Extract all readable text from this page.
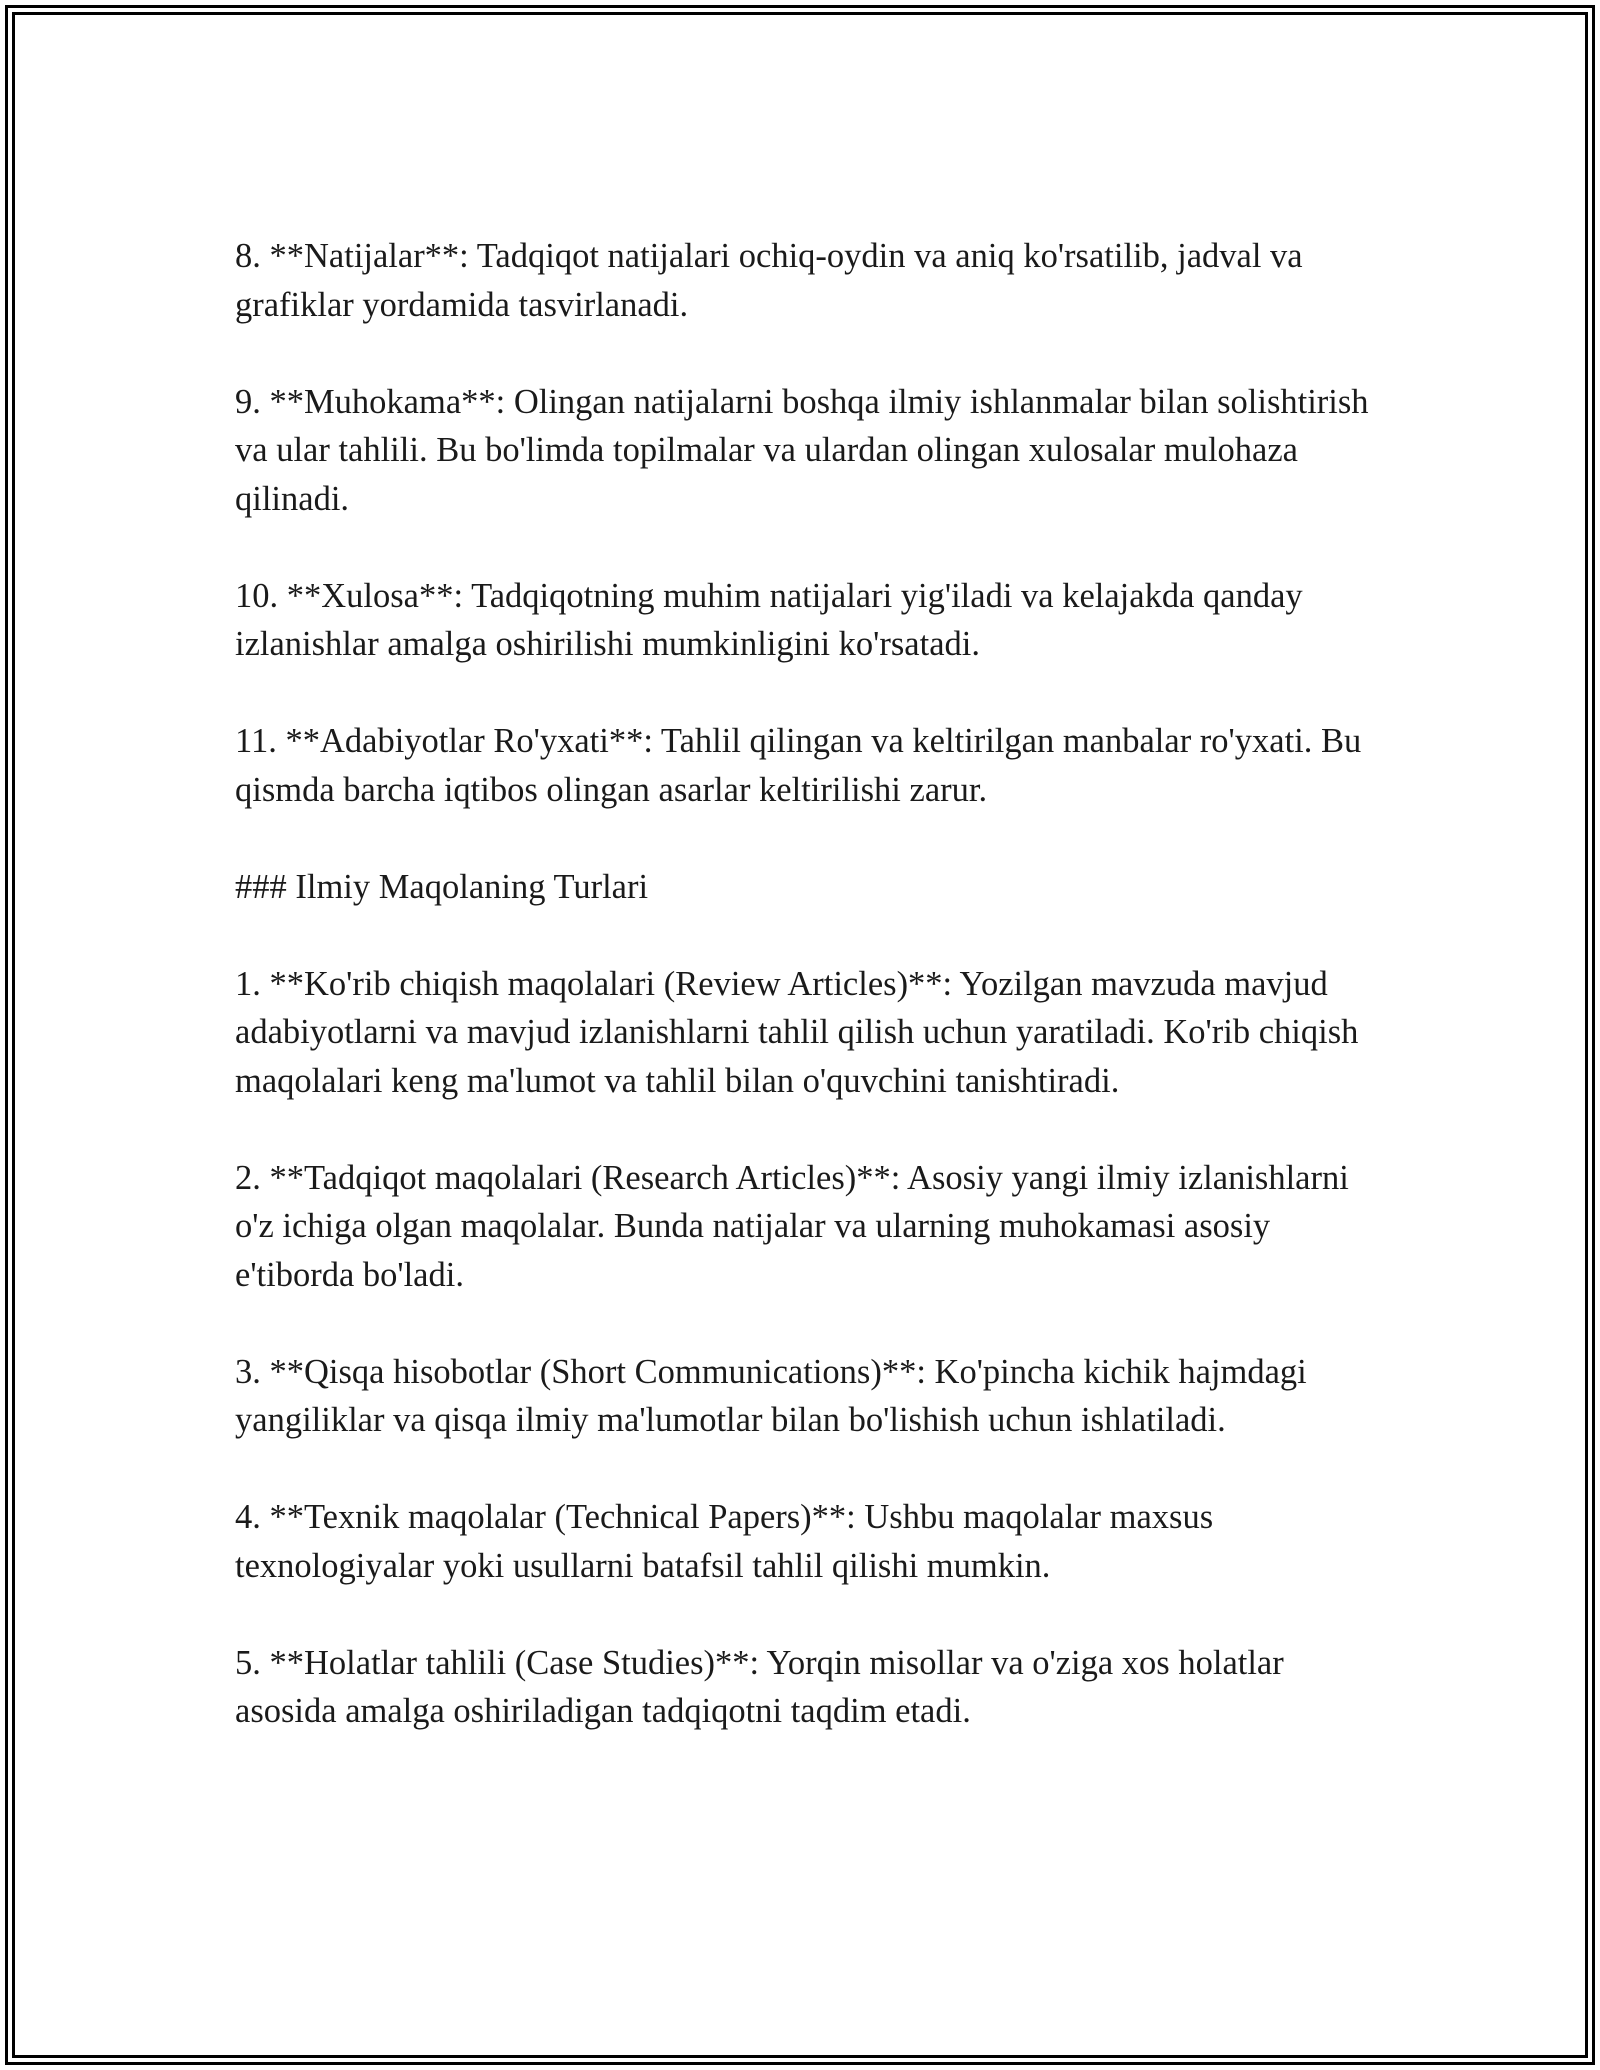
8. **Natijalar**: Tadqiqot natijalari ochiq-oydin va aniq ko'rsatilib, jadval va grafiklar yordamida tasvirlanadi.

9. **Muhokama**: Olingan natijalarni boshqa ilmiy ishlanmalar bilan solishtirish va ular tahlili. Bu bo'limda topilmalar va ulardan olingan xulosalar mulohaza qilinadi.

10. **Xulosa**: Tadqiqotning muhim natijalari yig'iladi va kelajakda qanday izlanishlar amalga oshirilishi mumkinligini ko'rsatadi.

11. **Adabiyotlar Ro'yxati**: Tahlil qilingan va keltirilgan manbalar ro'yxati. Bu qismda barcha iqtibos olingan asarlar keltirilishi zarur.

### Ilmiy Maqolaning Turlari

1. **Ko'rib chiqish maqolalari (Review Articles)**: Yozilgan mavzuda mavjud adabiyotlarni va mavjud izlanishlarni tahlil qilish uchun yaratiladi. Ko'rib chiqish maqolalari keng ma'lumot va tahlil bilan o'quvchini tanishtiradi.

2. **Tadqiqot maqolalari (Research Articles)**: Asosiy yangi ilmiy izlanishlarni o'z ichiga olgan maqolalar. Bunda natijalar va ularning muhokamasi asosiy e'tiborda bo'ladi.

3. **Qisqa hisobotlar (Short Communications)**: Ko'pincha kichik hajmdagi yangiliklar va qisqa ilmiy ma'lumotlar bilan bo'lishish uchun ishlatiladi.

4. **Texnik maqolalar (Technical Papers)**: Ushbu maqolalar maxsus texnologiyalar yoki usullarni batafsil tahlil qilishi mumkin.

5. **Holatlar tahlili (Case Studies)**: Yorqin misollar va o'ziga xos holatlar asosida amalga oshiriladigan tadqiqotni taqdim etadi.
